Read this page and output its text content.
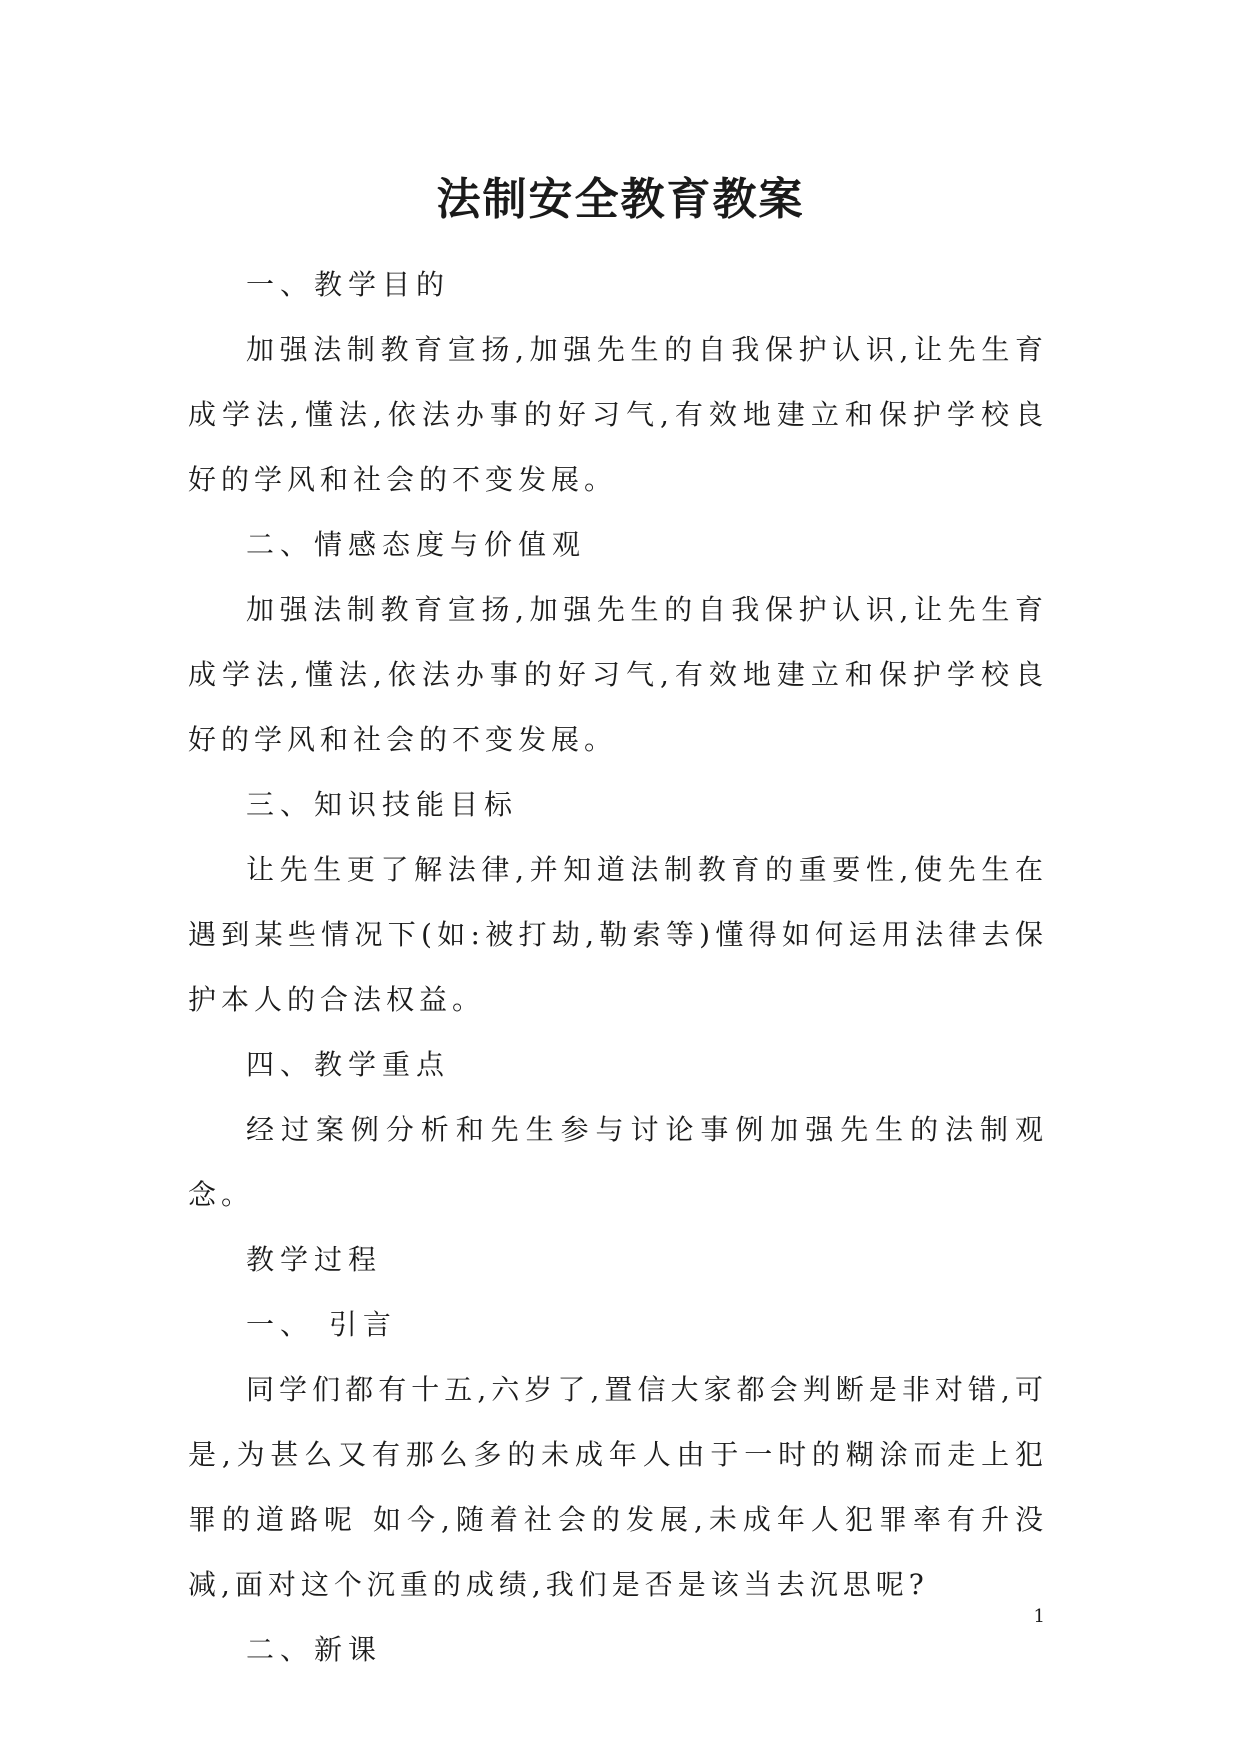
法制安全教育教案

一、教学目的

加强法制教育宣扬,加强先生的自我保护认识,让先生育成学法,懂法,依法办事的好习气,有效地建立和保护学校良好的学风和社会的不变发展。

二、情感态度与价值观

加强法制教育宣扬,加强先生的自我保护认识,让先生育成学法,懂法,依法办事的好习气,有效地建立和保护学校良好的学风和社会的不变发展。

三、知识技能目标

让先生更了解法律,并知道法制教育的重要性,使先生在遇到某些情况下(如:被打劫,勒索等)懂得如何运用法律去保护本人的合法权益。

四、教学重点

经过案例分析和先生参与讨论事例加强先生的法制观念。

教学过程

一、 引言

同学们都有十五,六岁了,置信大家都会判断是非对错,可是,为甚么又有那么多的未成年人由于一时的糊涂而走上犯罪的道路呢 如今,随着社会的发展,未成年人犯罪率有升没减,面对这个沉重的成绩,我们是否是该当去沉思呢?

二、新课

1
